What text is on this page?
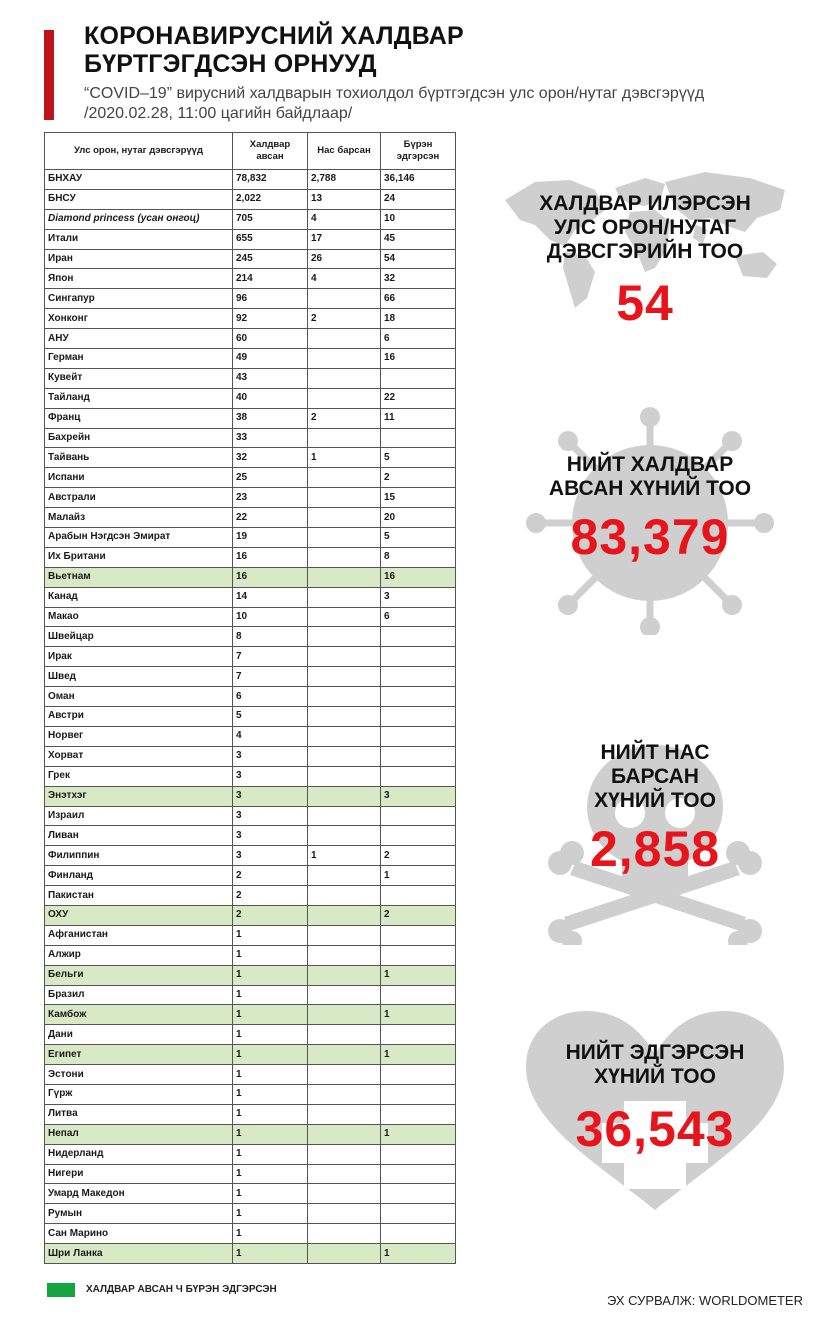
КОРОНАВИРУСНИЙ ХАЛДВАР
БҮРТГЭГДСЭН ОРНУУД
“COVID–19” вирусний халдварын тохиолдол бүртгэгдсэн улс орон/нутаг дэвсгэрүүд /2020.02.28, 11:00 цагийн байдлаар/
Улс орон, нутаг дэвсгэрүүд	Халдвар авсан	Нас барсан	Бүрэн эдгэрсэн
БНХАУ	78,832	2,788	36,146
БНСУ	2,022	13	24
Diamond princess (усан онгоц)	705	4	10
Итали	655	17	45
Иран	245	26	54
Япон	214	4	32
Сингапур	96		66
Хонконг	92	2	18
АНУ	60		6
Герман	49		16
Кувейт	43		
Тайланд	40		22
Франц	38	2	11
Бахрейн	33		
Тайвань	32	1	5
Испани	25		2
Австрали	23		15
Малайз	22		20
Арабын Нэгдсэн Эмират	19		5
Их Британи	16		8
Вьетнам	16		16
Канад	14		3
Макао	10		6
Швейцар	8		
Ирак	7		
Швед	7		
Оман	6		
Австри	5		
Норвег	4		
Хорват	3		
Грек	3		
Энэтхэг	3		3
Израил	3		
Ливан	3		
Филиппин	3	1	2
Финланд	2		1
Пакистан	2		
ОХУ	2		2
Афганистан	1		
Алжир	1		
Бельги	1		1
Бразил	1		
Камбож	1		1
Дани	1		
Египет	1		1
Эстони	1		
Гүрж	1		
Литва	1		
Непал	1		1
Нидерланд	1		
Нигери	1		
Умард Македон	1		
Румын	1		
Сан Марино	1		
Шри Ланка	1		1
ХАЛДВАР АВСАН Ч БҮРЭН ЭДГЭРСЭН
ЭХ СУРВАЛЖ: WORLDOMETER
ХАЛДВАР ИЛЭРСЭН
УЛС ОРОН/НУТАГ
ДЭВСГЭРИЙН ТОО
54
НИЙТ ХАЛДВАР
АВСАН ХҮНИЙ ТОО
83,379
НИЙТ НАС
БАРСАН
ХҮНИЙ ТОО
2,858
НИЙТ ЭДГЭРСЭН
ХҮНИЙ ТОО
36,543
